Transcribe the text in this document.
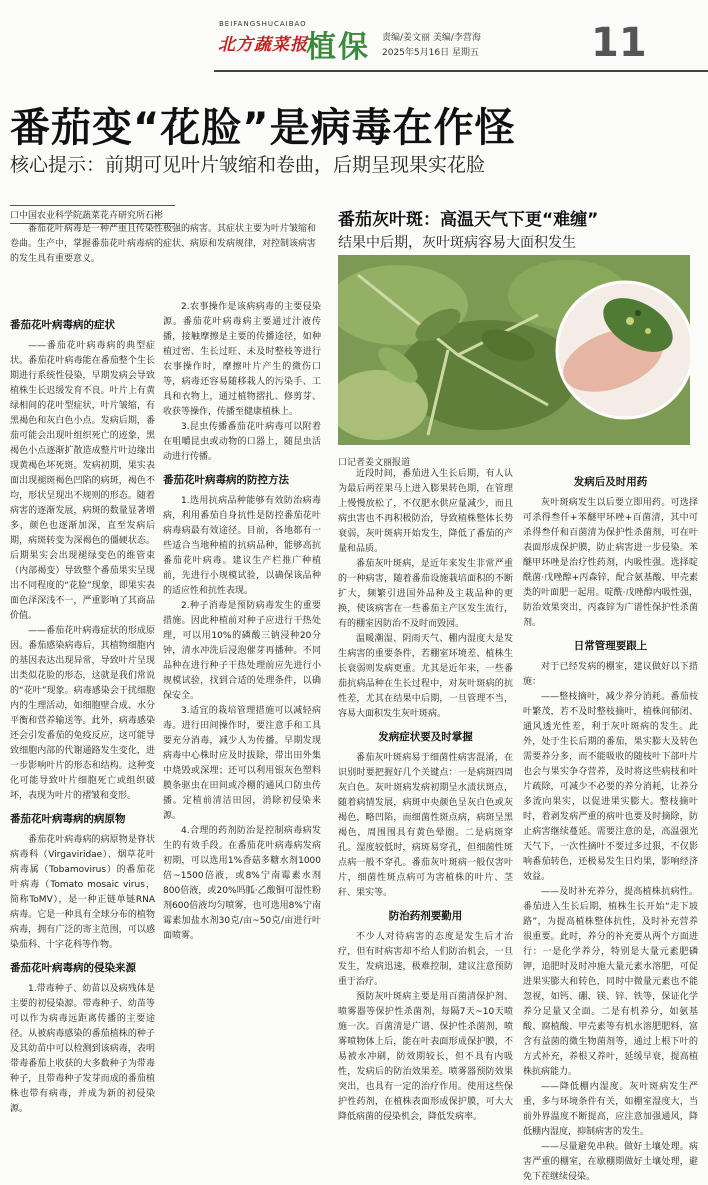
BEIFANGSHUCAIBAO
北方蔬菜报
植保 责编/姜文丽 美编/李营海
2025年5月16日 星期五	11
番茄变“花脸”是病毒在作怪
核心提示：前期可见叶片皱缩和卷曲，后期呈现果实花脸
口中国农业科学院蔬菜花卉研究所石彬

番茄花叶病毒是一种严重且传染性极强的病害。其症状主要为叶片皱缩和卷曲。生产中，掌握番茄花叶病毒病的症状、病原和发病规律，对控制该病害的发生具有重要意义。

番茄花叶病毒病的症状

——番茄花叶病毒病的典型症状。番茄花叶病毒能在番茄整个生长期进行系统性侵染，早期发病会导致植株生长迟缓发育不良。叶片上有黄绿相间的花叶型症状，叶片皱缩，有黑褐色和灰白色小点。发病后期，番茄可能会出现叶组织死亡的迹象，黑褐色小点逐渐扩散造成整片叶边缘出现黄褐色坏死斑。发病初期，果实表面出现褪斑褐色凹陷的病斑，褐色不均，形状呈现出不规则的形态。随着病害的逐渐发展，病斑的数量显著增多，颜色也逐渐加深，直至发病后期，病斑转变为深褐色的僵硬状态。后期果实会出现褪绿变色的维管束（内部褐变）导致整个番茄果实呈现出不同程度的“花脸”现象，即果实表面色泽深浅不一，严重影响了其商品价值。

——番茄花叶病毒症状的形成原因。番茄感染病毒后，其植物细胞内的基因表达出现异常，导致叶片呈现出类似花脸的形态，这就是我们常说的“花叶”现象。病毒感染会干扰细胞内的生理活动，如细胞壁合成、水分平衡和营养输送等。此外，病毒感染还会引发番茄的免疫反应，这可能导致细胞内部的代谢通路发生变化，进一步影响叶片的形态和结构。这种变化可能导致叶片细胞死亡或组织破坏，表现为叶片的褶皱和变形。

番茄花叶病毒病的病原物

番茄花叶病毒病的病原物是脊状病毒科（Virgaviridae）、烟草花叶病毒属（Tobamovirus）的番茄花叶病毒（Tomato mosaic virus，简称ToMV），是一种正链单链RNA病毒。它是一种具有全球分布的植物病毒，拥有广泛的寄主范围，可以感染茄科、十字花科等作物。

番茄花叶病毒病的侵染来源

1.带毒种子、幼苗以及病残体是主要的初侵染源。带毒种子、幼苗等可以作为病毒远距离传播的主要途径。从被病毒感染的番茄植株的种子及其幼苗中可以检测到该病毒，表明带毒番茄上收获的大多数种子为带毒种子，且带毒种子发芽而成的番茄植株也带有病毒，并成为新的初侵染源。

2.农事操作是该病病毒的主要侵染源。番茄花叶病毒病主要通过汁液传播，接触摩擦是主要的传播途径，如种植过密、生长过旺、未及时整枝等进行农事操作时，摩擦叶片产生的微伤口等，病毒还容易随移栽人的污染手、工具和衣物上，通过植物摺扎、修剪芽、收获等操作，传播至健康植株上。

3.昆虫传播番茄花叶病毒可以附着在咀嚼昆虫或动物的口器上，随昆虫活动进行传播。

番茄花叶病毒病的防控方法

1.选用抗病品种能够有效防治病毒病，利用番茄自身抗性是防控番茄花叶病毒病最有效途径。目前，各地都有一些适合当地种植的抗病品种，能够高抗番茄花叶病毒。建议生产栏推广种植前，先进行小规模试验，以确保该品种的适应性和抗性表现。

2.种子消毒是预防病毒发生的重要措施。因此种植前对种子应进行干热处理，可以用10%的磷酸三钠浸种20分钟，清水冲洗后浸泡催芽再播种。不同品种在进行种子干热处理前应先进行小规模试验，找到合适的处理条件，以确保安全。

3.适宜的栽培管理措施可以减轻病毒。进行田间操作时，要注意手和工具要充分消毒，减少人为传播。早期发现病毒中心株时应及时拔除，带出田外集中烧毁或深埋；还可以利用银灰色塑料膜条驱虫在田间或冷棚的通风口防虫传播。定植前清洁田园，消除初侵染来源。

4.合理的药剂防治是控制病毒病发生的有效手段。在番茄花叶病毒病发病初期，可以选用1%香菇多糖水剂1000倍~1500倍液，或8%宁南霉素水剂800倍液，或20%吗胍·乙酸铜可湿性粉剂600倍液均匀喷雾，也可选用8%宁南霉素加盐水剂30克/亩~50克/亩进行叶面喷雾。

番茄灰叶斑：高温天气下更“难缠”
结果中后期，灰叶斑病容易大面积发生
口记者姜文丽报道

近段时间，番茄进入生长后期，有人认为最后两茬果马上进入膨果转色期，在管理上慢慢放松了，不仅肥水供应量减少，而且病虫害也不再积极防治，导致植株整体长势衰弱，灰叶斑病开始发生，降低了番茄的产量和品质。

番茄灰叶斑病，是近年来发生非常严重的一种病害，随着番茄设施栽培面积的不断扩大，频繁引进国外品种及主栽品种的更换，使该病害在一些番茄主产区发生流行，有的棚室因防治不及时而毁园。

温暖潮湿、阴雨天气、棚内湿度大是发生病害的重要条件，若棚室环境差、植株生长衰弱则发病更重。尤其是近年来，一些番茄抗病品种在生长过程中，对灰叶斑病的抗性差，尤其在结果中后期，一旦管理不当，容易大面积发生灰叶斑病。

发病症状要及时掌握

番茄灰叶斑病易于细菌性病害混淆，在识别时要把握好几个关键点：一是病斑四周灰白色。灰叶斑病发病初期呈水渍状斑点，随着病情发展，病斑中央颜色呈灰白色或灰褐色，略凹陷，而细菌性斑点病，病斑呈黑褐色，周围围具有黄色晕圈。二是病斑穿孔。湿度较低时，病斑易穿孔，但细菌性斑点病一般不穿孔。番茄灰叶斑病一般仅害叶片，细菌性斑点病可为害植株的叶片、茎秆、果实等。

防治药剂要勤用

不少人对待病害的态度是发生后才治疗，但有时病害却不给人们防治机会，一旦发生，发病迅速，极难控制，建议注意预防重于治疗。

预防灰叶斑病主要是用百菌清保护剂、喷雾器等保护性杀菌剂，每隔7天~10天喷施一次。百菌清是广谱、保护性杀菌剂，喷雾喷物体上后，能在叶表面形成保护膜，不易被水冲刷，防效期较长，但不具有内吸性，发病后的防治效果差。喷雾器预防效果突出，也具有一定的治疗作用。使用这些保护性药剂，在植株表面形成保护膜，可大大降低病菌的侵染机会，降低发病率。

发病后及时用药

灰叶斑病发生以后要立即用药。可选择可杀得叁仟+苯醚甲环唑+百菌清，其中可杀得叁仟和百菌清为保护性杀菌剂，可在叶表面形成保护膜，防止病害进一步侵染。苯醚甲环唑是治疗性药剂，内吸性强。选择啶酰菌·戊唑醇+丙森锌，配合氨基酸、甲壳素类的叶面肥一起用。啶酰·戊唑醇内吸性强，防治效果突出，丙森锌为广谱性保护性杀菌剂。

日常管理要跟上

对于已经发病的棚室，建议做好以下措施：

——整枝摘叶，减少养分消耗。番茄枝叶繁茂，若不及时整枝摘叶，植株间郁闭、通风透光性差，利于灰叶斑病的发生。此外，处于生长后期的番茄，果实膨大及转色需要养分多，而不能吸收的随枝叶下部叶片也会与果实争夺营养，及时将这些病枝和叶片疏除，可减少不必要的养分消耗，让养分多流向果实，以促进果实膨大。整枝摘叶时，着剥发病严重的病叶也要及时摘除，防止病害继续蔓延。需要注意的是，高温强光天气下，一次性摘叶不要过多过狠，不仅影响番茄转色，还极易发生日灼果，影响经济效益。

——及时补充养分，提高植株抗病性。番茄进入生长后期，植株生长开始“走下坡路”，为提高植株整体抗性，及时补充营养很重要。此时，养分的补充要从两个方面进行：一是化学养分，特别是大量元素肥磷钾，追肥时及时冲施大量元素水溶肥，可促进果实膨大和转色，同时中微量元素也不能忽视，如钙、硼、镁、锌、铁等，保证化学养分足量又全面。二是有机养分，如氨基酸、腐植酸、甲壳素等有机水溶肥肥料，富含有益菌的微生物菌剂等，通过上根下叶的方式补充，养根又养叶，延缓早衰，提高植株抗病能力。

——降低棚内湿度。灰叶斑病发生严重，多与环境条件有关，如棚室湿度大，当前外界温度不断提高，应注意加强通风，降低棚内湿度，抑制病害的发生。

——尽量避免串秧。做好土壤处理。病害严重的棚室，在歇棚期做好土壤处理，避免下茬继续侵染。
